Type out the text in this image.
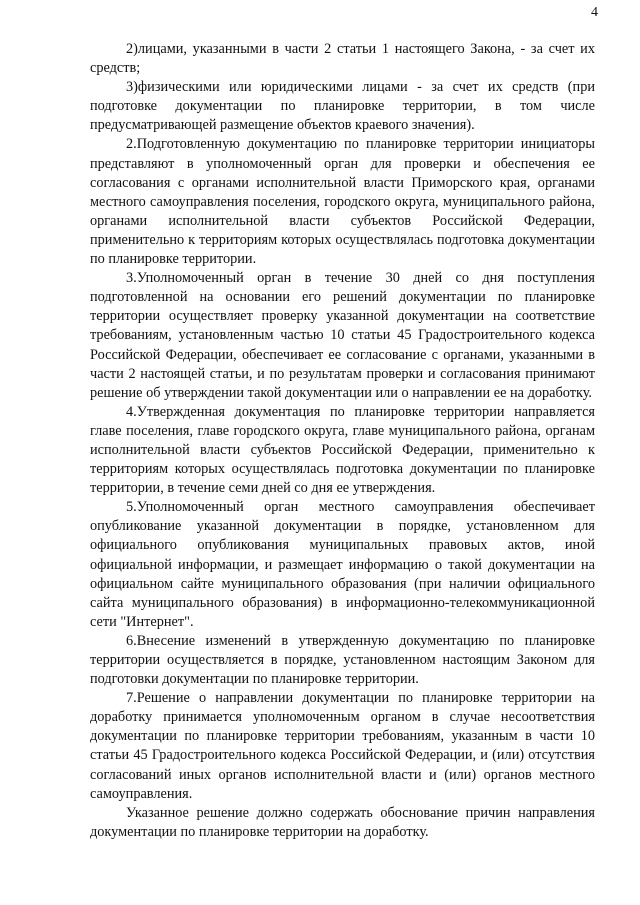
4

2)лицами, указанными в части 2 статьи 1 настоящего Закона, - за счет их средств;

3)физическими или юридическими лицами - за счет их средств (при подготовке документации по планировке территории, в том числе предусматривающей размещение объектов краевого значения).

2.Подготовленную документацию по планировке территории инициаторы представляют в уполномоченный орган для проверки и обеспечения ее согласования с органами исполнительной власти Приморского края, органами местного самоуправления поселения, городского округа, муниципального района, органами исполнительной власти субъектов Российской Федерации, применительно к территориям которых осуществлялась подготовка документации по планировке территории.

3.Уполномоченный орган в течение 30 дней со дня поступления подготовленной на основании его решений документации по планировке территории осуществляет проверку указанной документации на соответствие требованиям, установленным частью 10 статьи 45 Градостроительного кодекса Российской Федерации, обеспечивает ее согласование с органами, указанными в части 2 настоящей статьи, и по результатам проверки и согласования принимают решение об утверждении такой документации или о направлении ее на доработку.

4.Утвержденная документация по планировке территории направляется главе поселения, главе городского округа, главе муниципального района, органам исполнительной власти субъектов Российской Федерации, применительно к территориям которых осуществлялась подготовка документации по планировке территории, в течение семи дней со дня ее утверждения.

5.Уполномоченный орган местного самоуправления обеспечивает опубликование указанной документации в порядке, установленном для официального опубликования муниципальных правовых актов, иной официальной информации, и размещает информацию о такой документации на официальном сайте муниципального образования (при наличии официального сайта муниципального образования) в информационно-телекоммуникационной сети "Интернет".

6.Внесение изменений в утвержденную документацию по планировке территории осуществляется в порядке, установленном настоящим Законом для подготовки документации по планировке территории.

7.Решение о направлении документации по планировке территории на доработку принимается уполномоченным органом в случае несоответствия документации по планировке территории требованиям, указанным в части 10 статьи 45 Градостроительного кодекса Российской Федерации, и (или) отсутствия согласований иных органов исполнительной власти и (или) органов местного самоуправления.

Указанное решение должно содержать обоснование причин направления документации по планировке территории на доработку.
